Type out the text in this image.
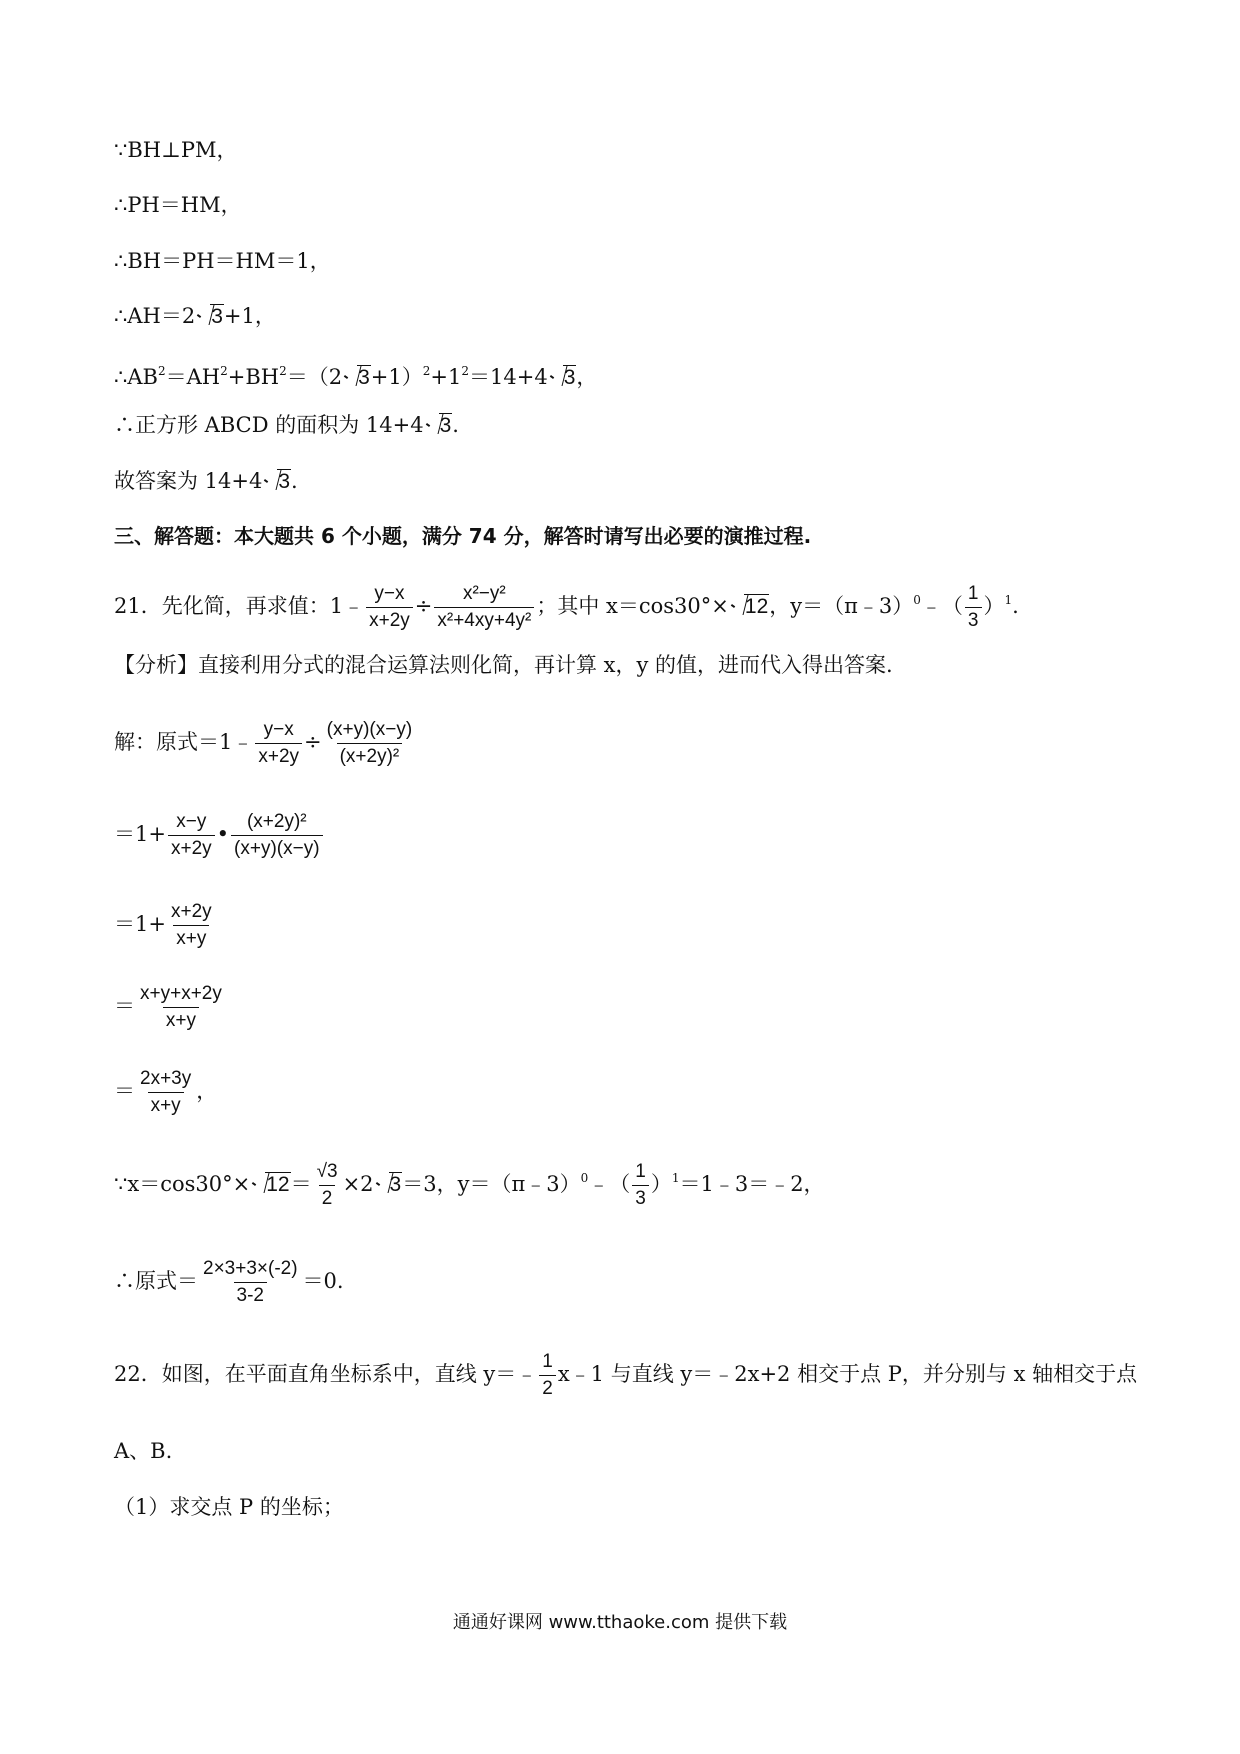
∵BH⊥PM，
∴PH＝HM，
∴BH＝PH＝HM＝1，
∴AH＝2 3+1，
$\therefore AB^2=AH^2+BH^2=(2$ $3+1)^2+1^2=14+4$ 3，
∴正方形 ABCD 的面积为 14+4 3.
故答案为 14+4 3.
三、解答题：本大题共 6 个小题，满分 74 分，解答时请写出必要的演推过程.
21．先化简，再求值：1﹣ $\frac{y-x}{x+2y} \div \frac{\text{x²−y²}}{\text{x²+4xy+4y²}}$ ；其中 x＝cos30°× 12，y＝（π﹣3）$^0$﹣（ $\frac{1}{3} )^1$.
【分析】直接利用分式的混合运算法则化简，再计算 x，y 的值，进而代入得出答案.
解：原式＝1﹣ $\frac{y-x}{x+2y} \div \frac{(x+y)(x-y)}{\text{(x+2y)²}}$
$=1+ \frac{x-y}{x+2y}$ • $\frac{\text{(x+2y)²}}{(x+y)(x-y)}$
$=1+ \frac{x+2y}{x+y}$
＝ $\frac{x+y+x+2y}{x+y}$
＝ $\frac{2x+3y}{x+y}$ ，
∵x＝cos30°× $12= \frac{√3}{2} \times 2$ 3＝3，y＝（π﹣3）$^0$﹣（ $\frac{1}{3}$ ）$^1$＝1﹣3＝﹣2，
∴原式＝ $\frac{2\times 3+3\times(-2)}{3-2} =0$.
22．如图，在平面直角坐标系中，直线 y＝﹣ $\frac{1}{2}$ x﹣1 与直线 y＝﹣2x+2 相交于点 P，并分别与 x 轴相交于点
A、B.
（1）求交点 P 的坐标；
通通好课网 www.tthaoke.com 提供下载
